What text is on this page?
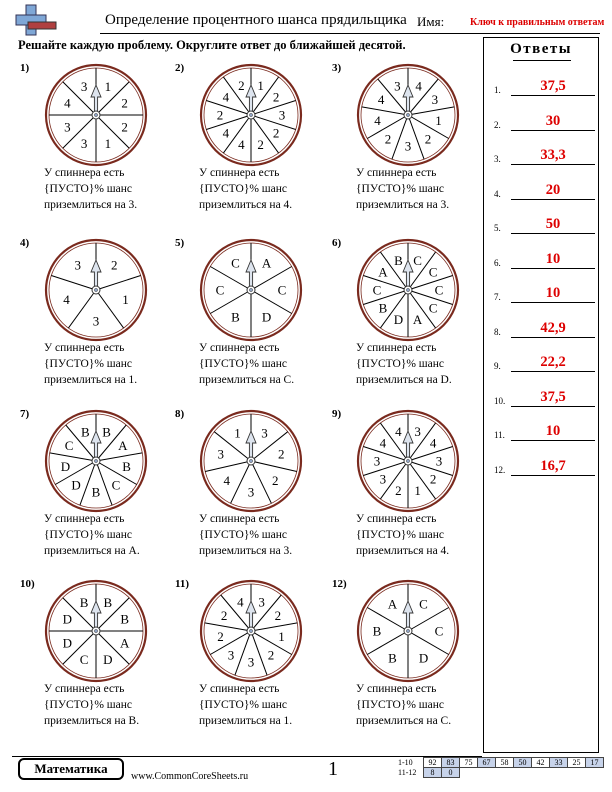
Определение процентного шанса прядильщика Имя:	Ключ к правильным ответам
Решайте каждую проблему. Округлите ответ до ближайшей десятой.	Ответы
1.	37,5
2.	30
3.	33,3
4.	20
5.	50
6.	10
7.	10
8.	42,9
9.	22,2
10.	37,5
11.	10
12.	16,7
1)
1
2
2
1
3
3
4
3
У спиннера есть
{ПУСТО}% шанс
приземлиться на 3.
2)
1
2
3
2
2
4
4
2
4
2
У спиннера есть
{ПУСТО}% шанс
приземлиться на 4.
3)
4
3
1
2
3
2
4
4
3
У спиннера есть
{ПУСТО}% шанс
приземлиться на 3.
4)
2
1
3
4
3
У спиннера есть
{ПУСТО}% шанс
приземлиться на 1.
5)
A
C
D
B
C
C
У спиннера есть
{ПУСТО}% шанс
приземлиться на C.
6)
C
C
C
C
A
D
B
C
A
B
У спиннера есть
{ПУСТО}% шанс
приземлиться на D.
7)
B
A
B
C
B
D
D
C
B
У спиннера есть
{ПУСТО}% шанс
приземлиться на A.
8)
3
2
2
3
4
3
1
У спиннера есть
{ПУСТО}% шанс
приземлиться на 3.
9)
3
4
3
2
1
2
3
3
4
4
У спиннера есть
{ПУСТО}% шанс
приземлиться на 4.
10)
B
B
A
D
C
D
D
B
У спиннера есть
{ПУСТО}% шанс
приземлиться на B.
11)
3
2
1
2
3
3
2
2
4
У спиннера есть
{ПУСТО}% шанс
приземлиться на 1.
12)
C
C
D
B
B
A
У спиннера есть
{ПУСТО}% шанс
приземлиться на C.
Математика
www.CommonCoreSheets.ru	1	1-10	92	83	75	67	58	50	42	33	25	17
11-12	8	0								
